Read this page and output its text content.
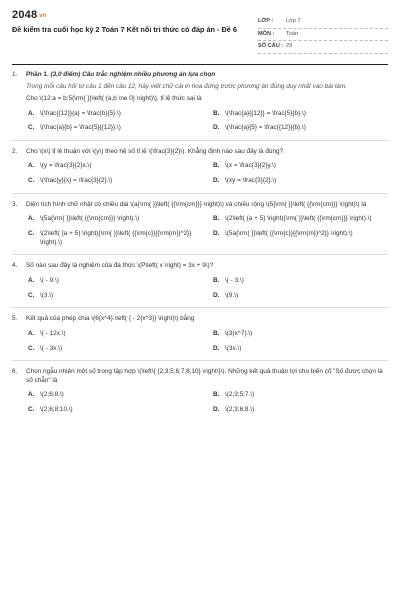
2048.vn
Đề kiểm tra cuối học kỳ 2 Toán 7 Kết nối tri thức có đáp án - Đề 6
LỚP :	Lớp 7
MÔN :	Toán
SỐ CÂU : 29
1.	Phần 1. (3,0 điểm) Câu trắc nghiệm nhiều phương án lựa chọn
Trong mỗi câu hỏi từ câu 1 đến câu 12, hãy viết chữ cái in hoa đứng trước phương án đúng duy nhất vào bài làm.
Cho \(12:a = b:5{\rm{ }}\left( {a,b \ne 0} \right)\), tỉ lệ thức sai là
A. \(\frac{{12}}{a} = \frac{b}{5}.\)	B. \(\frac{a}{{12}} = \frac{5}{b}.\)
C. \(\frac{a}{b} = \frac{5}{{12}}.\)	D. \(\frac{a}{5} = \frac{{12}}{b}.\)
2.	Cho \(x\) tỉ lệ thuận với \(y\) theo hệ số tỉ lệ \(\frac{3}{2}\). Khẳng định nào sau đây là đúng?
A. \(y = \frac{3}{2}x.\)	B. \(x = \frac{3}{2}y.\)
C. \(\frac{y}{x} = \frac{3}{2}.\)	D. \(xy = \frac{3}{2}.\)
3.	Diện tích hình chữ nhật có chiều dài \(a{\rm{ }}\left( {{\rm{cm}}} \right)\) và chiều rộng \(5{\rm{ }}\left( {{\rm{cm}}} \right)\) là
A. \(5a{\rm{ }}\left( {{\rm{cm}}} \right).\)	B. \(2\left( {a + 5} \right){\rm{ }}\left( {{\rm{cm}}} \right).\)
C. \(2\left( {a + 5} \right){\rm{ }}\left( {{\rm{c}}{{\rm{m}}^2}} \right).\)
D. \(5a{\rm{ }}\left( {{\rm{c}}{{\rm{m}}^2}} \right).\)
4.	Số nào sau đây là nghiệm của đa thức \(P\left( x \right) = 3x + 9\)?
A. \( - 9.\)	B. \( - 3.\)
C. \(3.\)	D. \(9.\)
5.	Kết quả của phép chia \(6{x^4}:\left( { - 2{x^3}} \right)\) bằng
A. \( - 12x.\)	B. \(3{x^7}.\)
C. \( - 3x.\)	D. \(3x.\)
6.	Chọn ngẫu nhiên một số trong tập hợp \(\left\{ {2;3;5;6;7;8;10} \right\}\). Những kết quả thuận lợi cho biến cố "Số được chọn là số chẵn" là
A. \(2;6;8.\)	B. \(2;3;5;7.\)
C. \(2;6;8;10.\)	D. \(2;3;6;8.\)
